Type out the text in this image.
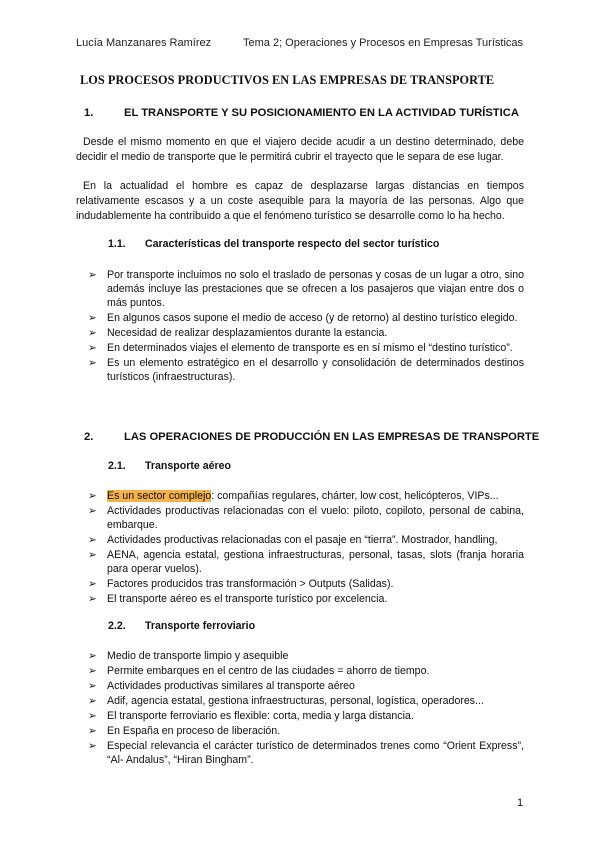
Lucía Manzanares Ramírez	Tema 2; Operaciones y Procesos en Empresas Turísticas
LOS PROCESOS PRODUCTIVOS EN LAS EMPRESAS DE TRANSPORTE
1.	EL TRANSPORTE Y SU POSICIONAMIENTO EN LA ACTIVIDAD TURÍSTICA
Desde el mismo momento en que el viajero decide acudir a un destino determinado, debe decidir el medio de transporte que le permitirá cubrir el trayecto que le separa de ese lugar.
En la actualidad el hombre es capaz de desplazarse largas distancias en tiempos relativamente escasos y a un coste asequible para la mayoría de las personas. Algo que indudablemente ha contribuido a que el fenómeno turístico se desarrolle como lo ha hecho.
1.1. Características del transporte respecto del sector turístico
➢ Por transporte incluimos no solo el traslado de personas y cosas de un lugar a otro, sino además incluye las prestaciones que se ofrecen a los pasajeros que viajan entre dos o más puntos.
➢ En algunos casos supone el medio de acceso (y de retorno) al destino turístico elegido.
➢ Necesidad de realizar desplazamientos durante la estancia.
➢ En determinados viajes el elemento de transporte es en sí mismo el “destino turístico”.
➢ Es un elemento estratégico en el desarrollo y consolidación de determinados destinos turísticos (infraestructuras).
2.	LAS OPERACIONES DE PRODUCCIÓN EN LAS EMPRESAS DE TRANSPORTE
2.1. Transporte aéreo
➢ Es un sector complejo: compañías regulares, chárter, low cost, helicópteros, VIPs...
➢ Actividades productivas relacionadas con el vuelo: piloto, copiloto, personal de cabina, embarque.
➢ Actividades productivas relacionadas con el pasaje en “tierra”. Mostrador, handling,
➢ AENA, agencia estatal, gestiona infraestructuras, personal, tasas, slots (franja horaria para operar vuelos).
➢ Factores producidos tras transformación > Outputs (Salidas).
➢ El transporte aéreo es el transporte turístico por excelencia.
2.2. Transporte ferroviario
➢ Medio de transporte limpio y asequible
➢ Permite embarques en el centro de las ciudades = ahorro de tiempo.
➢ Actividades productivas similares al transporte aéreo
➢ Adif, agencia estatal, gestiona infraestructuras, personal, logística, operadores...
➢ El transporte ferroviario es flexible: corta, media y larga distancia.
➢ En España en proceso de liberación.
➢ Especial relevancia el carácter turístico de determinados trenes como “Orient Express”, “Al- Andalus”, “Hiran Bingham”.
1
